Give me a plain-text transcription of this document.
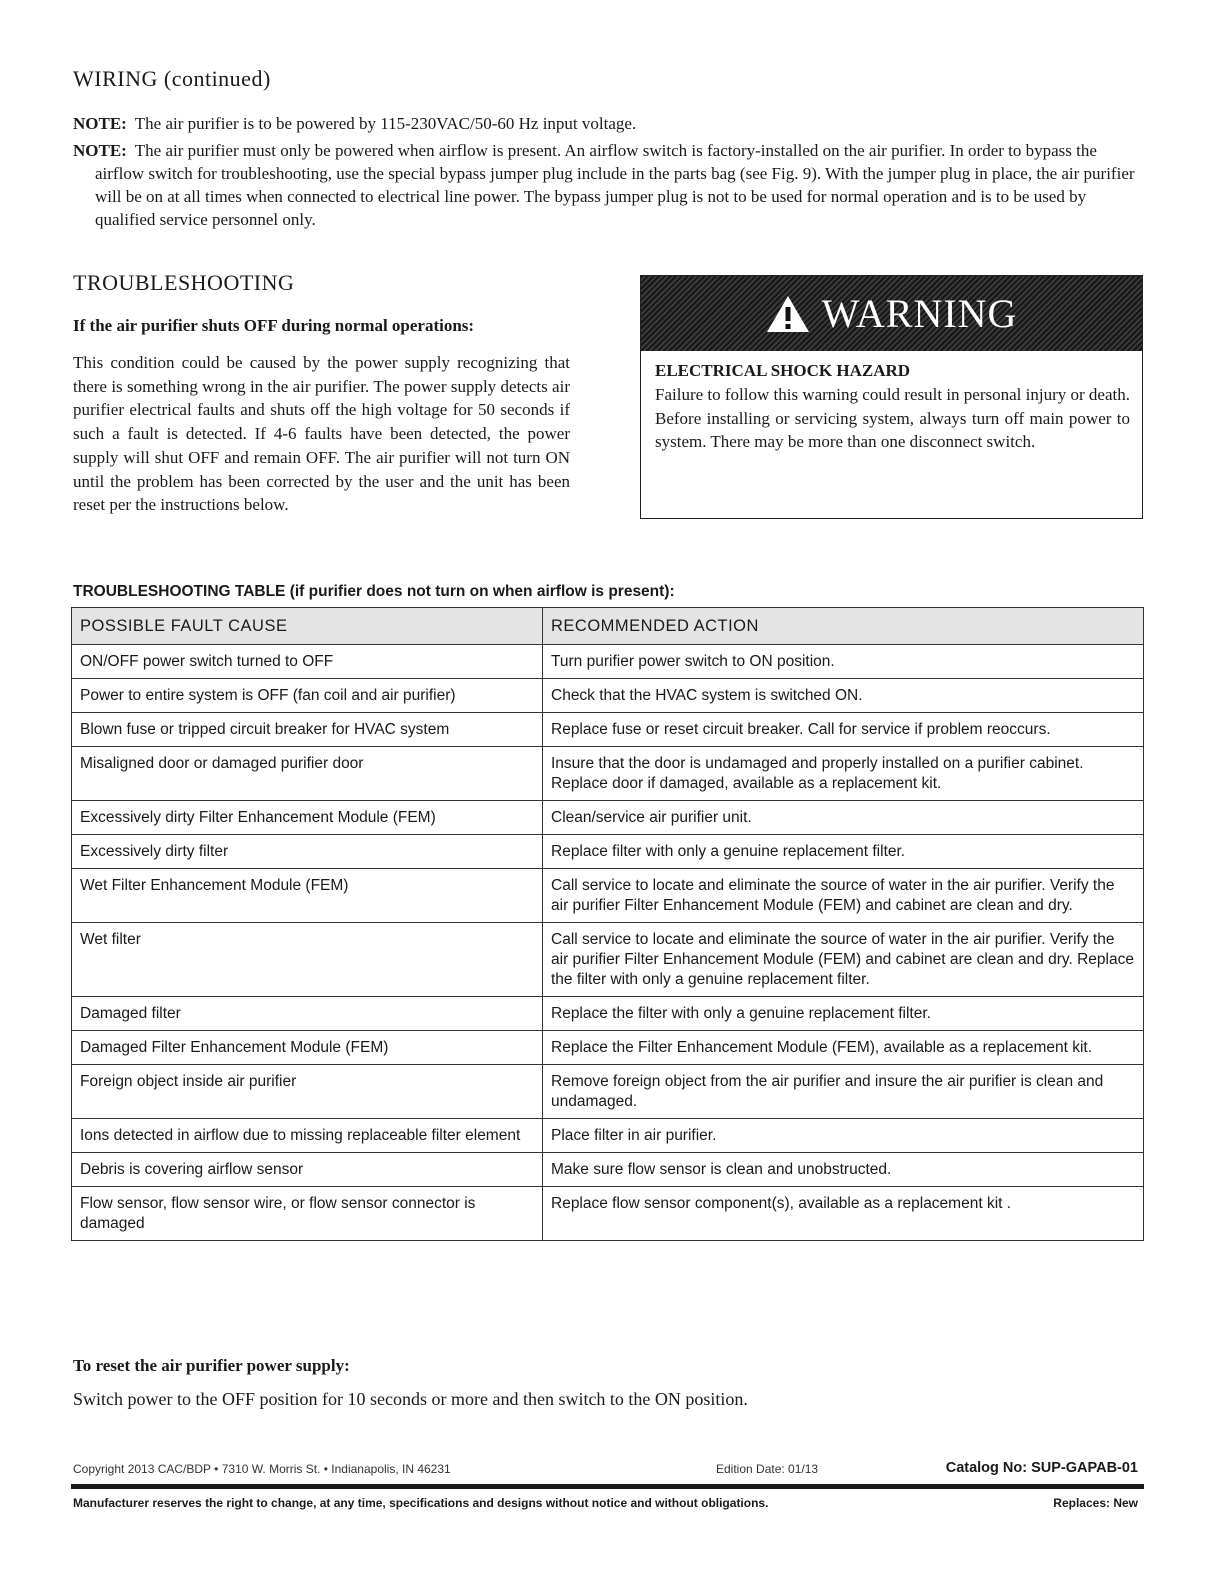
WIRING (continued)
NOTE: The air purifier is to be powered by 115-230VAC/50-60 Hz input voltage.
NOTE: The air purifier must only be powered when airflow is present. An airflow switch is factory-installed on the air purifier. In order to bypass the airflow switch for troubleshooting, use the special bypass jumper plug include in the parts bag (see Fig. 9). With the jumper plug in place, the air purifier will be on at all times when connected to electrical line power. The bypass jumper plug is not to be used for normal operation and is to be used by qualified service personnel only.
TROUBLESHOOTING
If the air purifier shuts OFF during normal operations:
This condition could be caused by the power supply recognizing that there is something wrong in the air purifier. The power supply detects air purifier electrical faults and shuts off the high voltage for 50 seconds if such a fault is detected. If 4-6 faults have been detected, the power supply will shut OFF and remain OFF. The air purifier will not turn ON until the problem has been corrected by the user and the unit has been reset per the instructions below.
WARNING
ELECTRICAL SHOCK HAZARD

Failure to follow this warning could result in personal injury or death.

Before installing or servicing system, always turn off main power to system. There may be more than one disconnect switch.

TROUBLESHOOTING TABLE (if purifier does not turn on when airflow is present):
POSSIBLE FAULT CAUSE	RECOMMENDED ACTION
ON/OFF power switch turned to OFF	Turn purifier power switch to ON position.
Power to entire system is OFF (fan coil and air purifier)	Check that the HVAC system is switched ON.
Blown fuse or tripped circuit breaker for HVAC system	Replace fuse or reset circuit breaker. Call for service if problem reoccurs.
Misaligned door or damaged purifier door	Insure that the door is undamaged and properly installed on a purifier cabinet. Replace door if damaged, available as a replacement kit.
Excessively dirty Filter Enhancement Module (FEM)	Clean/service air purifier unit.
Excessively dirty filter	Replace filter with only a genuine replacement filter.
Wet Filter Enhancement Module (FEM)	Call service to locate and eliminate the source of water in the air purifier. Verify the air purifier Filter Enhancement Module (FEM) and cabinet are clean and dry.
Wet filter	Call service to locate and eliminate the source of water in the air purifier. Verify the air purifier Filter Enhancement Module (FEM) and cabinet are clean and dry. Replace the filter with only a genuine replacement filter.
Damaged filter	Replace the filter with only a genuine replacement filter.
Damaged Filter Enhancement Module (FEM)	Replace the Filter Enhancement Module (FEM), available as a replacement kit.
Foreign object inside air purifier	Remove foreign object from the air purifier and insure the air purifier is clean and undamaged.
Ions detected in airflow due to missing replaceable filter element	Place filter in air purifier.
Debris is covering airflow sensor	Make sure flow sensor is clean and unobstructed.
Flow sensor, flow sensor wire, or flow sensor connector is damaged	Replace flow sensor component(s), available as a replacement kit .
To reset the air purifier power supply:
Switch power to the OFF position for 10 seconds or more and then switch to the ON position.
Copyright 2013 CAC/BDP • 7310 W. Morris St. • Indianapolis, IN 46231	Edition Date: 01/13	Catalog No: SUP-GAPAB-01
Manufacturer reserves the right to change, at any time, specifications and designs without notice and without obligations.	Replaces: New
